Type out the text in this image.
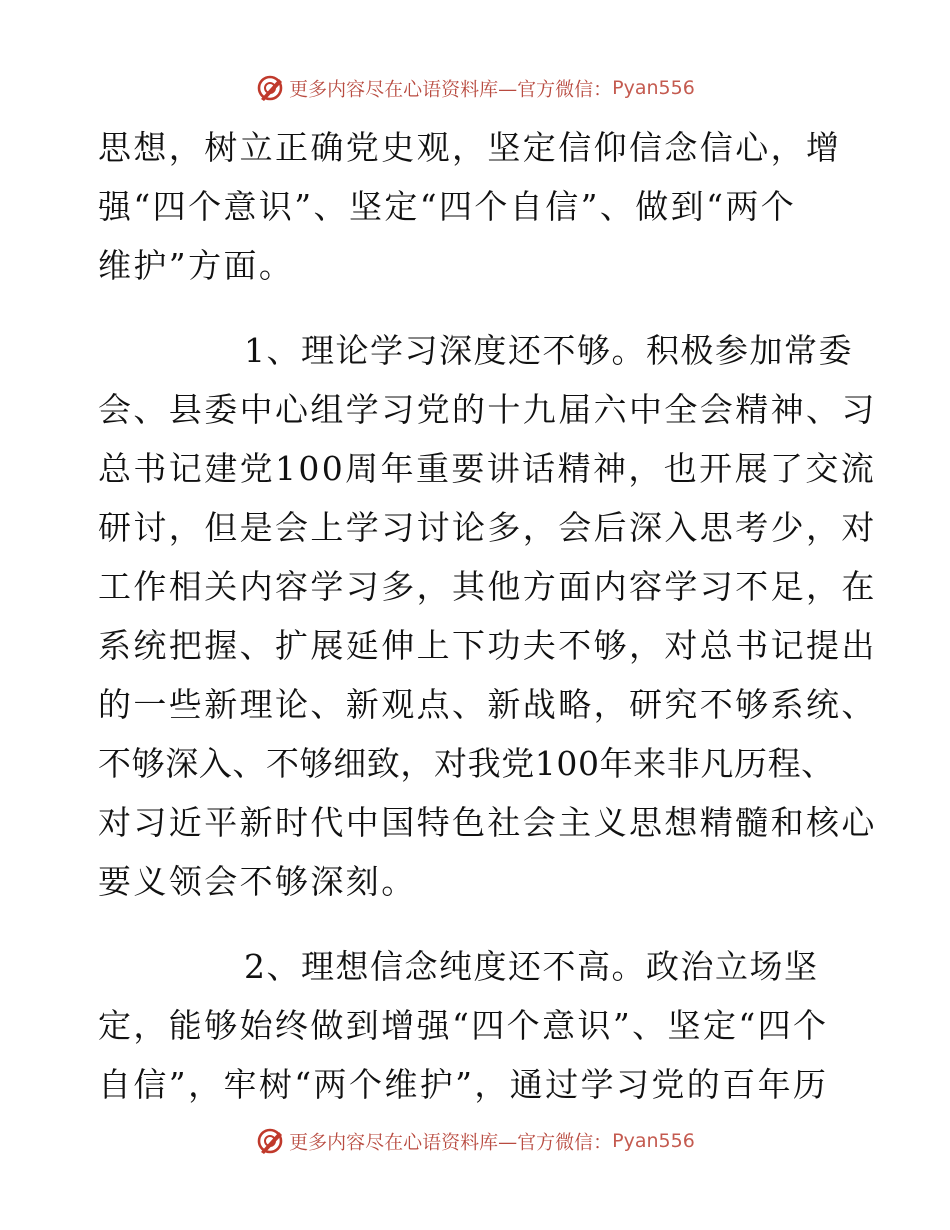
更多内容尽在心语资料库—官方微信：Pyan556
思想，树立正确党史观，坚定信仰信念信心，增
强“四个意识”、坚定“四个自信”、做到“两个
维护”方面。
1、理论学习深度还不够。积极参加常委
会、县委中心组学习党的十九届六中全会精神、习
总书记建党100周年重要讲话精神，也开展了交流
研讨，但是会上学习讨论多，会后深入思考少，对
工作相关内容学习多，其他方面内容学习不足，在
系统把握、扩展延伸上下功夫不够，对总书记提出
的一些新理论、新观点、新战略，研究不够系统、
不够深入、不够细致，对我党100年来非凡历程、
对习近平新时代中国特色社会主义思想精髓和核心
要义领会不够深刻。
2、理想信念纯度还不高。政治立场坚
定，能够始终做到增强“四个意识”、坚定“四个
自信”，牢树“两个维护”，通过学习党的百年历
更多内容尽在心语资料库—官方微信：Pyan556
